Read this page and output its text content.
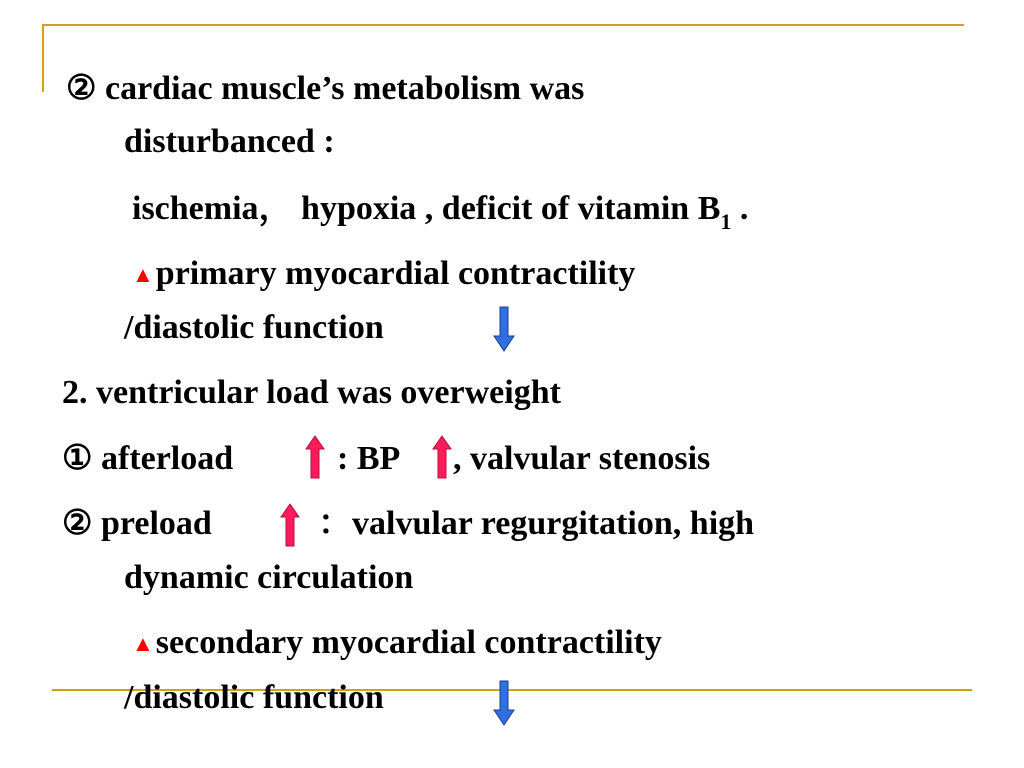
② cardiac muscle’s metabolism was
disturbanced :
ischemia， hypoxia , deficit of vitamin $B_1$ .
▲primary myocardial contractility
/diastolic function
2. ventricular load was overweight
① afterload	: BP , valvular stenosis
② preload	：valvular regurgitation, high
dynamic circulation
▲secondary myocardial contractility
/diastolic function
